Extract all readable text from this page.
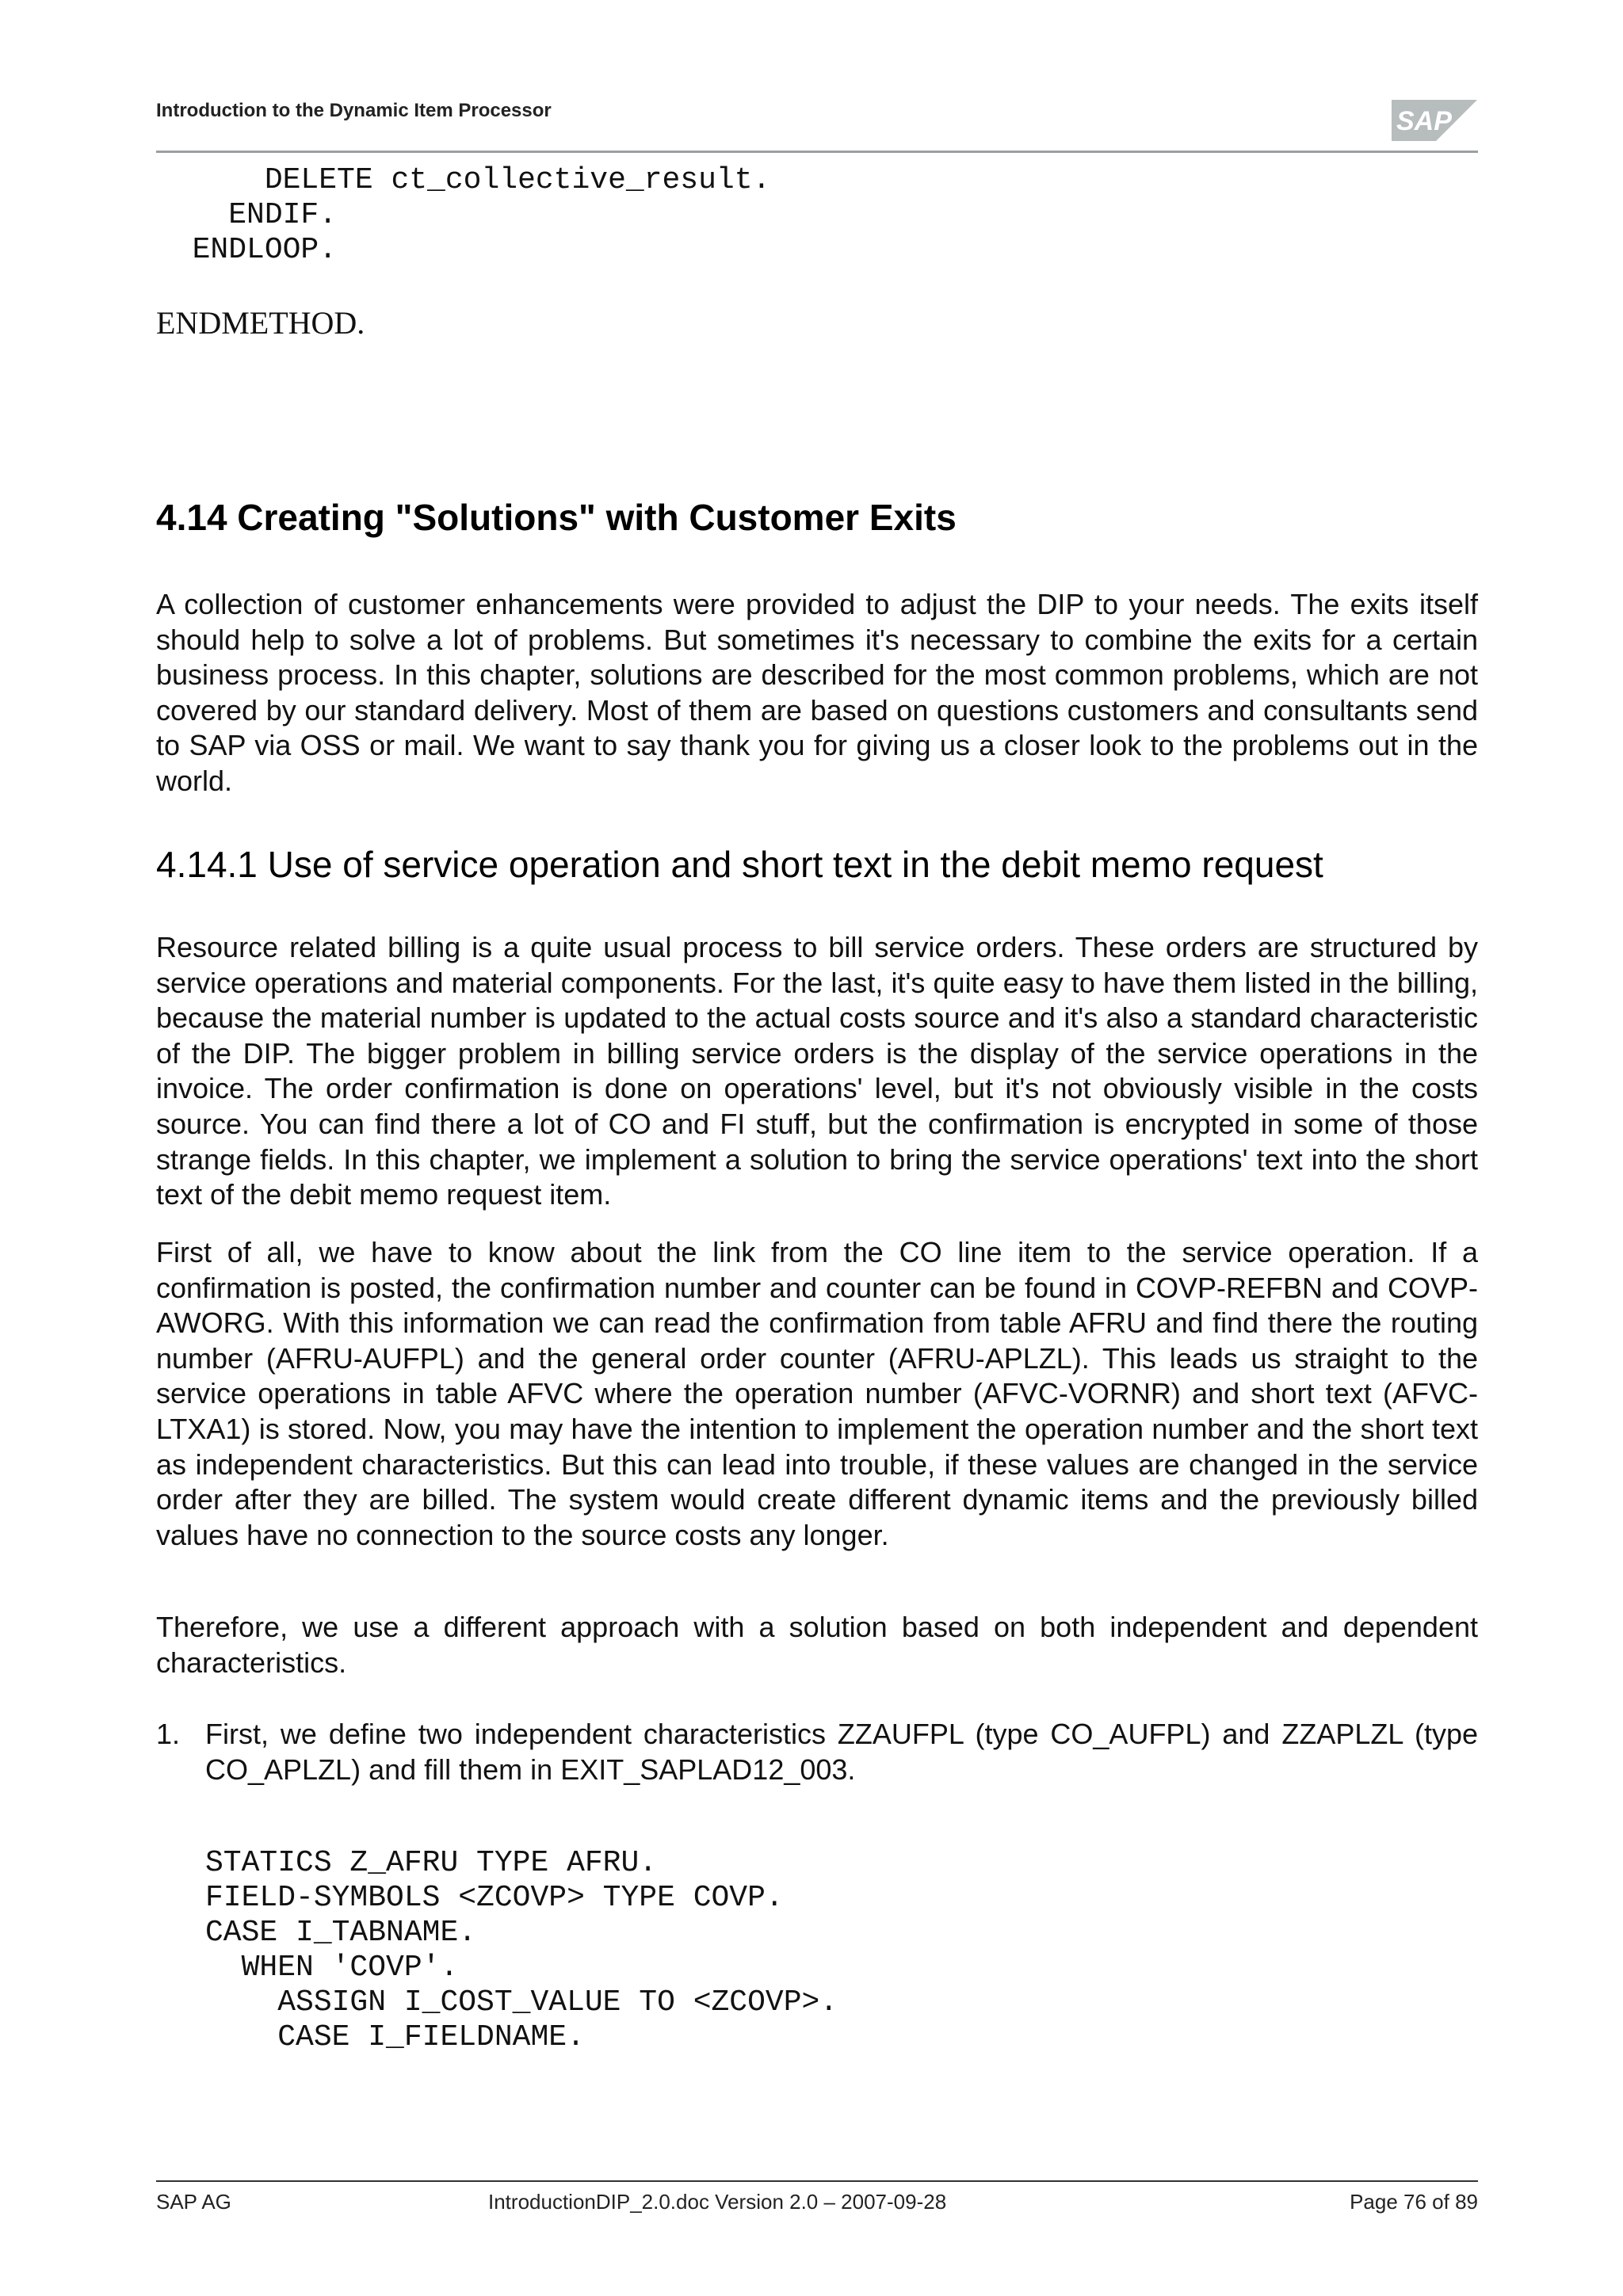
Introduction to the Dynamic Item Processor	SAP
DELETE ct_collective_result.
ENDIF.
ENDLOOP.
ENDMETHOD.
4.14 Creating "Solutions" with Customer Exits
A collection of customer enhancements were provided to adjust the DIP to your needs. The exits itself should help to solve a lot of problems. But sometimes it's necessary to combine the exits for a certain business process. In this chapter, solutions are described for the most common problems, which are not covered by our standard delivery. Most of them are based on questions customers and consultants send to SAP via OSS or mail. We want to say thank you for giving us a closer look to the problems out in the world.
4.14.1 Use of service operation and short text in the debit memo request
Resource related billing is a quite usual process to bill service orders. These orders are structured by service operations and material components. For the last, it's quite easy to have them listed in the billing, because the material number is updated to the actual costs source and it's also a standard characteristic of the DIP. The bigger problem in billing service orders is the display of the service operations in the invoice. The order confirmation is done on operations' level, but it's not obviously visible in the costs source. You can find there a lot of CO and FI stuff, but the confirmation is encrypted in some of those strange fields. In this chapter, we implement a solution to bring the service operations' text into the short text of the debit memo request item.
First of all, we have to know about the link from the CO line item to the service operation. If a confirmation is posted, the confirmation number and counter can be found in COVP-REFBN and COVP-AWORG. With this information we can read the confirmation from table AFRU and find there the routing number (AFRU-AUFPL) and the general order counter (AFRU-APLZL). This leads us straight to the service operations in table AFVC where the operation number (AFVC-VORNR) and short text (AFVC-LTXA1) is stored. Now, you may have the intention to implement the operation number and the short text as independent characteristics. But this can lead into trouble, if these values are changed in the service order after they are billed. The system would create different dynamic items and the previously billed values have no connection to the source costs any longer.
Therefore, we use a different approach with a solution based on both independent and dependent characteristics.
1. First, we define two independent characteristics ZZAUFPL (type CO_AUFPL) and ZZAPLZL (type CO_APLZL) and fill them in EXIT_SAPLAD12_003.
STATICS Z_AFRU TYPE AFRU.
FIELD-SYMBOLS <ZCOVP> TYPE COVP.
CASE I_TABNAME.
WHEN 'COVP'.
ASSIGN I_COST_VALUE TO <ZCOVP>.
CASE I_FIELDNAME.
SAP AG	IntroductionDIP_2.0.doc Version 2.0 – 2007-09-28	Page 76 of 89
